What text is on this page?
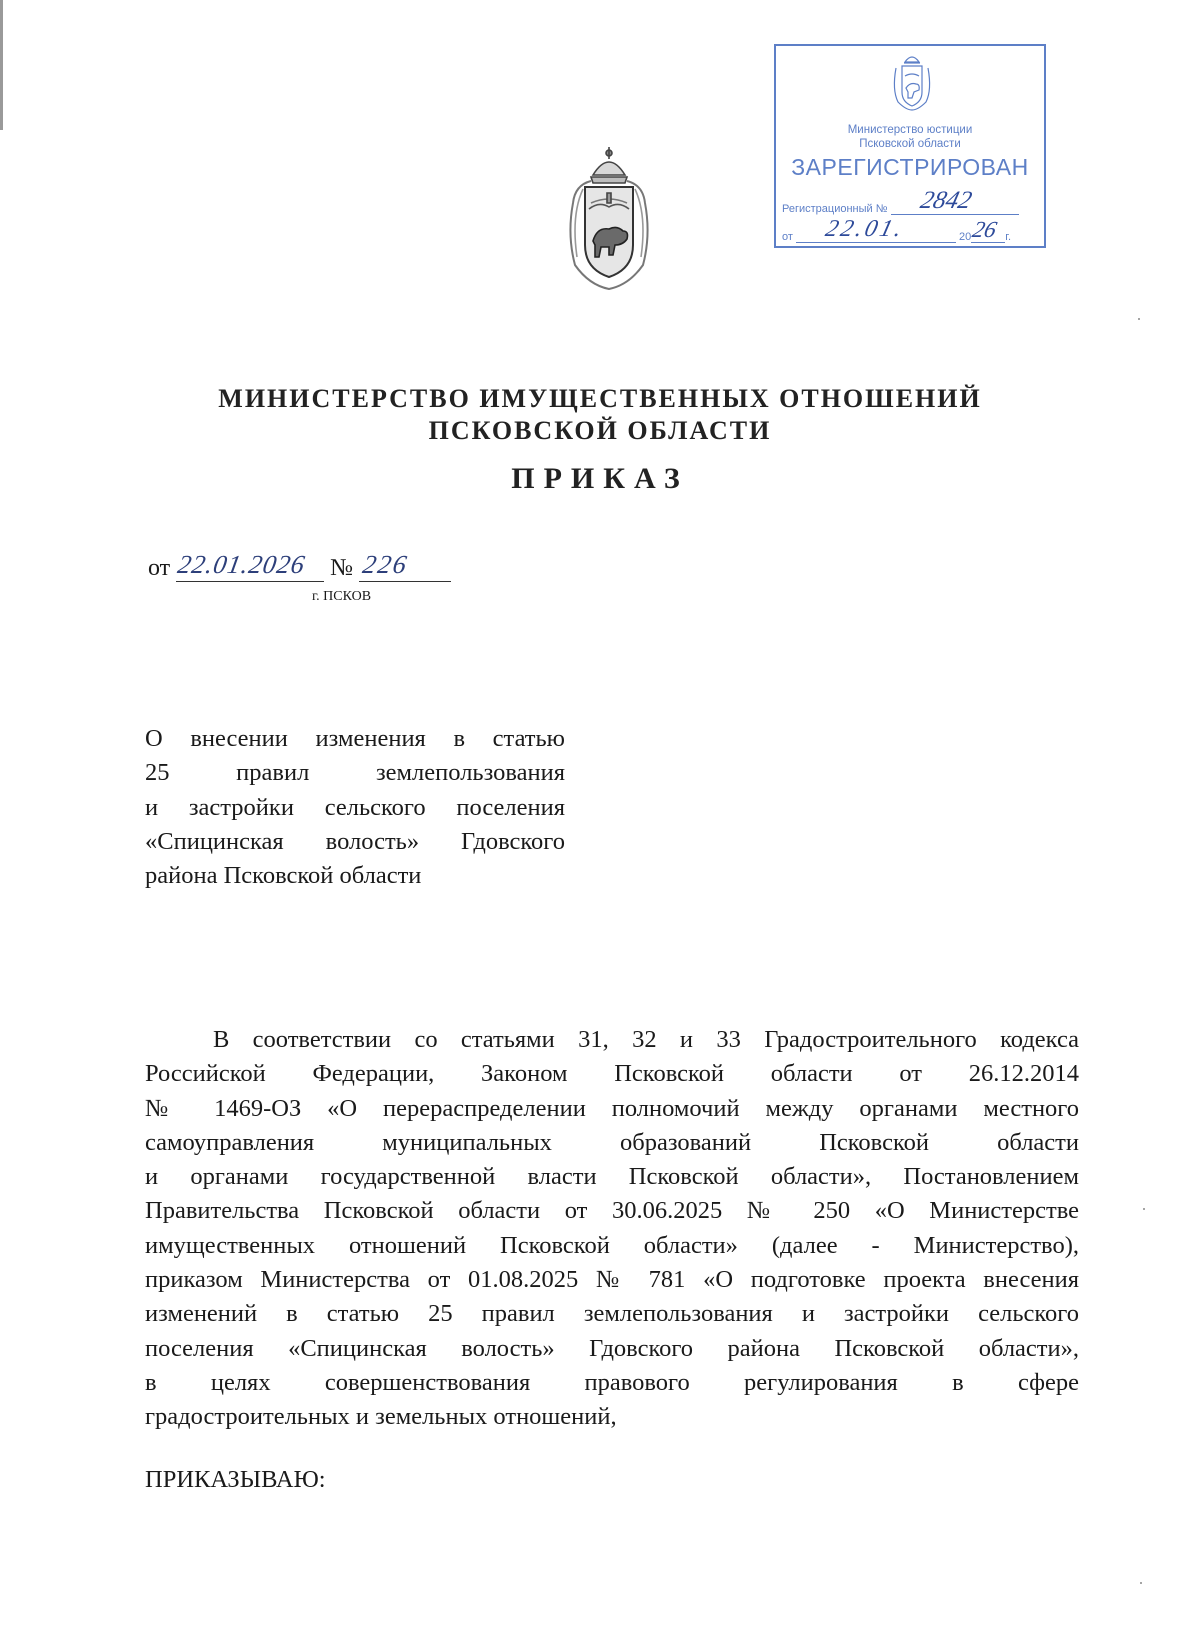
Министерство юстиции
Псковской области
ЗАРЕГИСТРИРОВАН
Регистрационный № 2842
от 22.01.	20 26 г.
МИНИСТЕРСТВО ИМУЩЕСТВЕННЫХ ОТНОШЕНИЙ
ПСКОВСКОЙ ОБЛАСТИ
ПРИКАЗ
от 22.01.2026 № 226
г. ПСКОВ
О внесении изменения в статью
25 правил землепользования
и застройки сельского поселения
«Спицинская волость» Гдовского
района Псковской области
В соответствии со статьями 31, 32 и 33 Градостроительного кодекса
Российской Федерации, Законом Псковской области от 26.12.2014
№ 1469-ОЗ «О перераспределении полномочий между органами местного
самоуправления муниципальных образований Псковской области
и органами государственной власти Псковской области», Постановлением
Правительства Псковской области от 30.06.2025 № 250 «О Министерстве
имущественных отношений Псковской области» (далее - Министерство),
приказом Министерства от 01.08.2025 № 781 «О подготовке проекта внесения
изменений в статью 25 правил землепользования и застройки сельского
поселения «Спицинская волость» Гдовского района Псковской области»,
в целях совершенствования правового регулирования в сфере
градостроительных и земельных отношений,
ПРИКАЗЫВАЮ:
